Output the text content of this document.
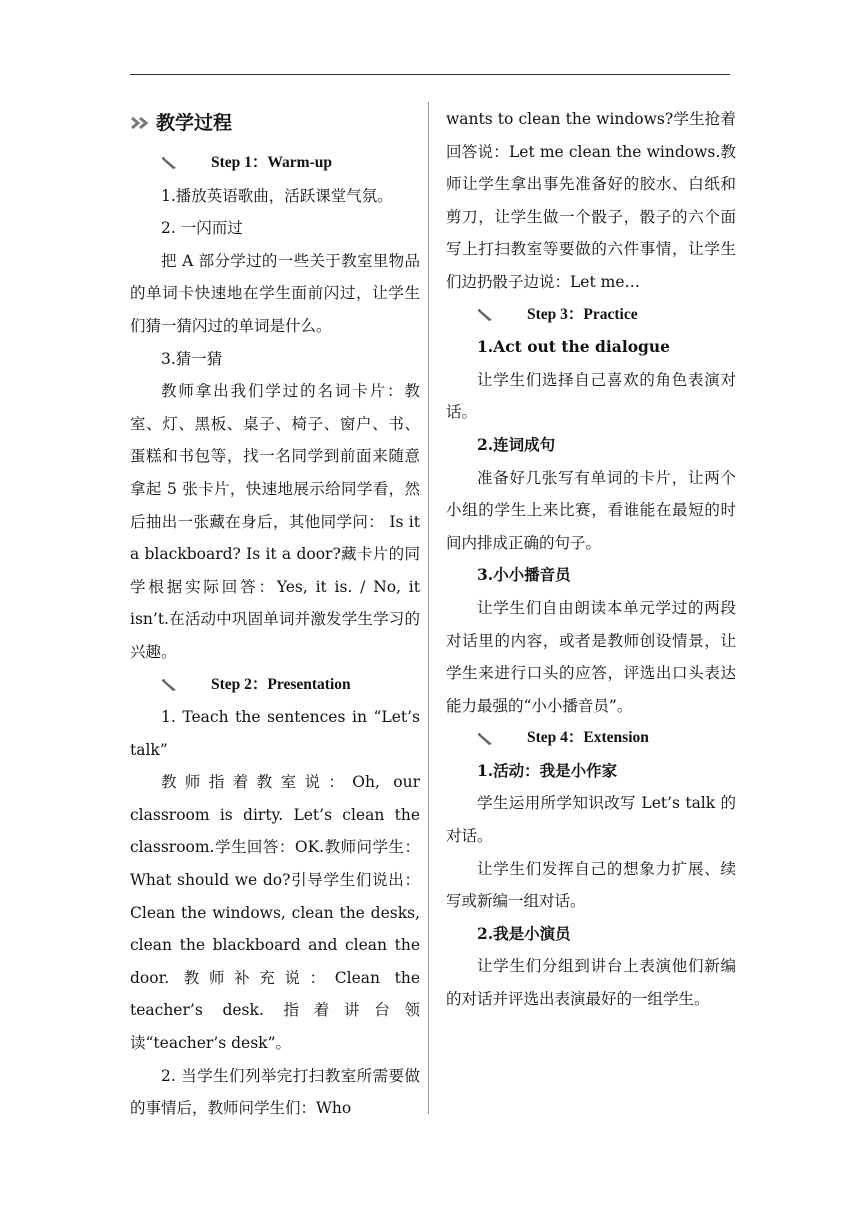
教学过程

Step 1：Warm-up

1.播放英语歌曲，活跃课堂气氛。

2. 一闪而过

把 A 部分学过的一些关于教室里物品的单词卡快速地在学生面前闪过，让学生们猜一猜闪过的单词是什么。

3.猜一猜

教师拿出我们学过的名词卡片：教室、灯、黑板、桌子、椅子、窗户、书、蛋糕和书包等，找一名同学到前面来随意拿起 5 张卡片，快速地展示给同学看，然后抽出一张藏在身后，其他同学问： Is it a blackboard? Is it a door?藏卡片的同学根据实际回答：Yes, it is. / No, it isn’t.在活动中巩固单词并激发学生学习的兴趣。

Step 2：Presentation

1. Teach the sentences in “Let’s talk”

教师指着教室说：Oh, our classroom is dirty. Let’s clean the classroom.学生回答：OK.教师问学生：What should we do?引导学生们说出：Clean the windows, clean the desks, clean the blackboard and clean the door. 教师补充说：Clean the teacher’s desk. 指着讲台领读“teacher’s desk”。

2. 当学生们列举完打扫教室所需要做的事情后，教师问学生们：Who

wants to clean the windows?学生抢着回答说：Let me clean the windows.教师让学生拿出事先准备好的胶水、白纸和剪刀，让学生做一个骰子，骰子的六个面写上打扫教室等要做的六件事情，让学生们边扔骰子边说：Let me…

Step 3：Practice

1.Act out the dialogue

让学生们选择自己喜欢的角色表演对话。

2.连词成句

准备好几张写有单词的卡片，让两个小组的学生上来比赛，看谁能在最短的时间内排成正确的句子。

3.小小播音员

让学生们自由朗读本单元学过的两段对话里的内容，或者是教师创设情景，让学生来进行口头的应答，评选出口头表达能力最强的“小小播音员”。

Step 4：Extension

1.活动：我是小作家

学生运用所学知识改写 Let’s talk 的对话。

让学生们发挥自己的想象力扩展、续写或新编一组对话。

2.我是小演员

让学生们分组到讲台上表演他们新编的对话并评选出表演最好的一组学生。
